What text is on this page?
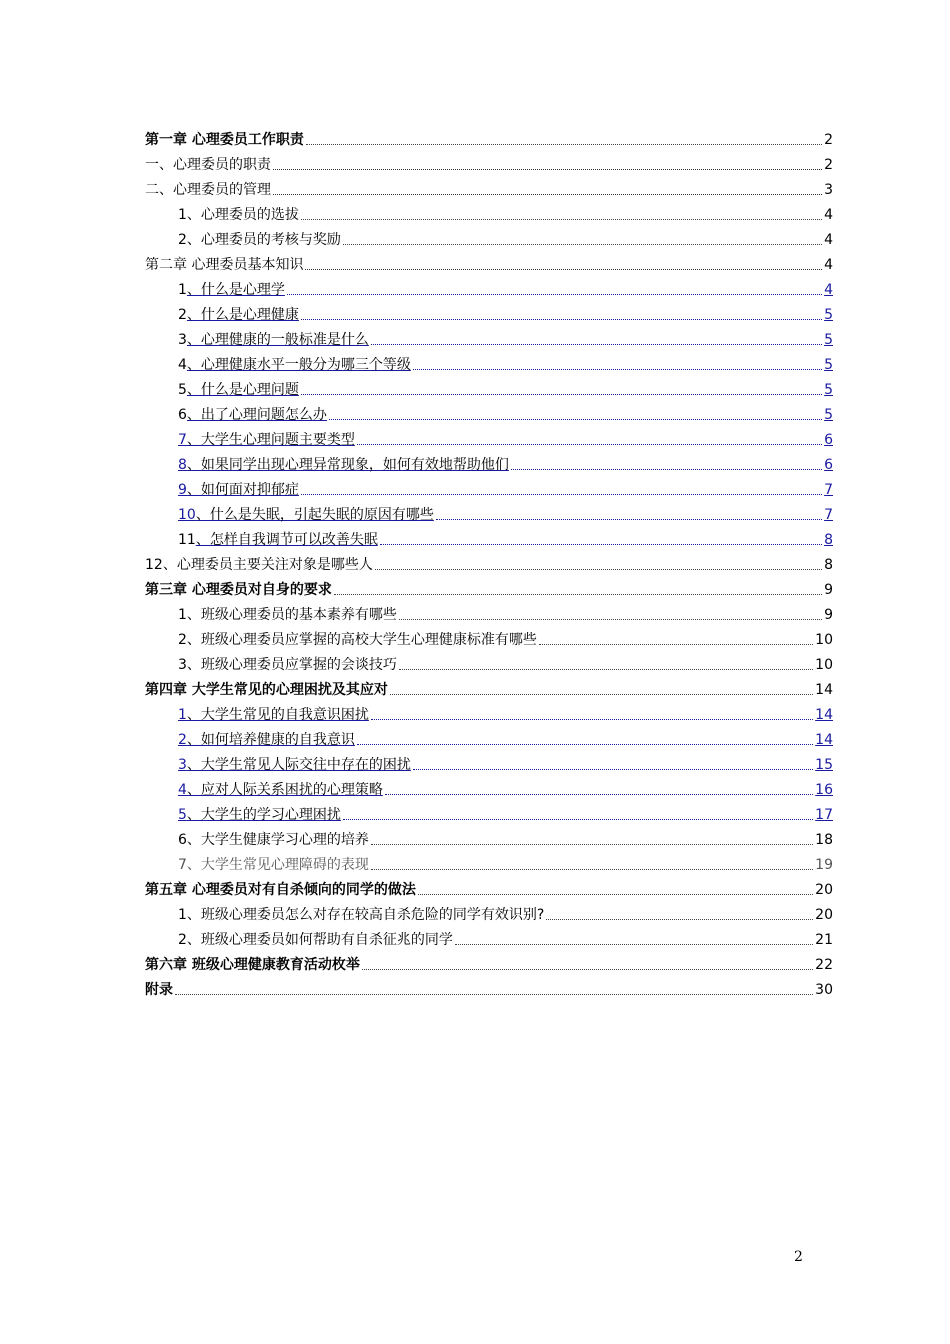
第一章 心理委员工作职责	2
一、心理委员的职责	2
二、心理委员的管理	3
1、心理委员的选拔	4
2、心理委员的考核与奖励	4
第二章 心理委员基本知识	4
1、什么是心理学	4
2、什么是心理健康	5
3、心理健康的一般标准是什么	5
4、心理健康水平一般分为哪三个等级	5
5、什么是心理问题	5
6、出了心理问题怎么办	5
7、大学生心理问题主要类型	6
8、如果同学出现心理异常现象，如何有效地帮助他们	6
9、如何面对抑郁症	7
10、什么是失眠，引起失眠的原因有哪些	7
11、怎样自我调节可以改善失眠	8
12、心理委员主要关注对象是哪些人	8
第三章 心理委员对自身的要求	9
1、班级心理委员的基本素养有哪些	9
2、班级心理委员应掌握的高校大学生心理健康标准有哪些	10
3、班级心理委员应掌握的会谈技巧	10
第四章 大学生常见的心理困扰及其应对	14
1、大学生常见的自我意识困扰	14
2、如何培养健康的自我意识	14
3、大学生常见人际交往中存在的困扰	15
4、应对人际关系困扰的心理策略	16
5、大学生的学习心理困扰	17
6、大学生健康学习心理的培养	18
7、大学生常见心理障碍的表现	19
第五章 心理委员对有自杀倾向的同学的做法	20
1、班级心理委员怎么对存在较高自杀危险的同学有效识别?	20
2、班级心理委员如何帮助有自杀征兆的同学	21
第六章 班级心理健康教育活动枚举	22
附录	30
2
